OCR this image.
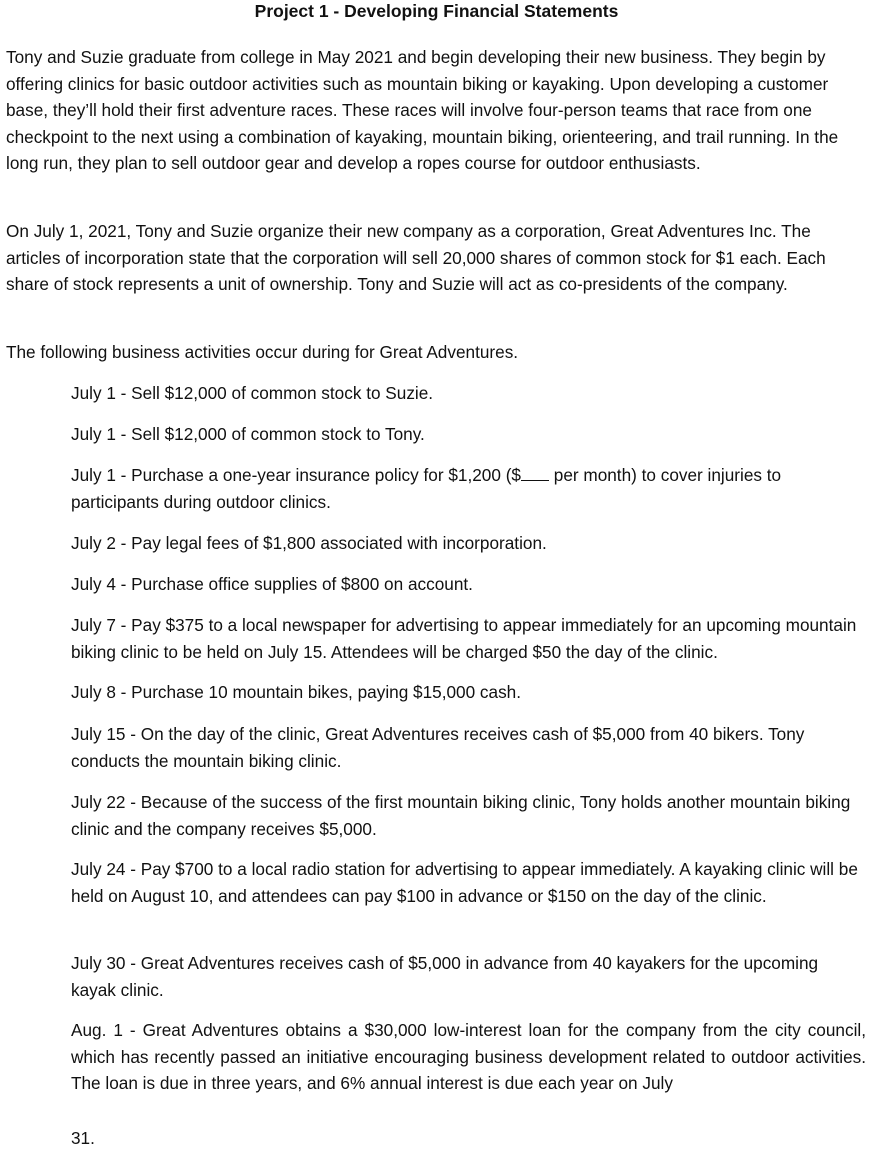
Project 1 - Developing Financial Statements

Tony and Suzie graduate from college in May 2021 and begin developing their new business. They begin by offering clinics for basic outdoor activities such as mountain biking or kayaking. Upon developing a customer base, they’ll hold their first adventure races. These races will involve four-person teams that race from one checkpoint to the next using a combination of kayaking, mountain biking, orienteering, and trail running. In the long run, they plan to sell outdoor gear and develop a ropes course for outdoor enthusiasts.

On July 1, 2021, Tony and Suzie organize their new company as a corporation, Great Adventures Inc. The articles of incorporation state that the corporation will sell 20,000 shares of common stock for $1 each. Each share of stock represents a unit of ownership. Tony and Suzie will act as co-presidents of the company.

The following business activities occur during for Great Adventures.

July 1 - Sell $12,000 of common stock to Suzie.

July 1 - Sell $12,000 of common stock to Tony.

July 1 - Purchase a one-year insurance policy for $1,200 ($ per month) to cover injuries to participants during outdoor clinics.

July 2 - Pay legal fees of $1,800 associated with incorporation.

July 4 - Purchase office supplies of $800 on account.

July 7 - Pay $375 to a local newspaper for advertising to appear immediately for an upcoming mountain biking clinic to be held on July 15. Attendees will be charged $50 the day of the clinic.

July 8 - Purchase 10 mountain bikes, paying $15,000 cash.

July 15 - On the day of the clinic, Great Adventures receives cash of $5,000 from 40 bikers. Tony conducts the mountain biking clinic.

July 22 - Because of the success of the first mountain biking clinic, Tony holds another mountain biking clinic and the company receives $5,000.

July 24 - Pay $700 to a local radio station for advertising to appear immediately. A kayaking clinic will be held on August 10, and attendees can pay $100 in advance or $150 on the day of the clinic.

July 30 - Great Adventures receives cash of $5,000 in advance from 40 kayakers for the upcoming kayak clinic.

Aug. 1 - Great Adventures obtains a $30,000 low-interest loan for the company from the city council, which has recently passed an initiative encouraging business development related to outdoor activities. The loan is due in three years, and 6% annual interest is due each year on July

31.
